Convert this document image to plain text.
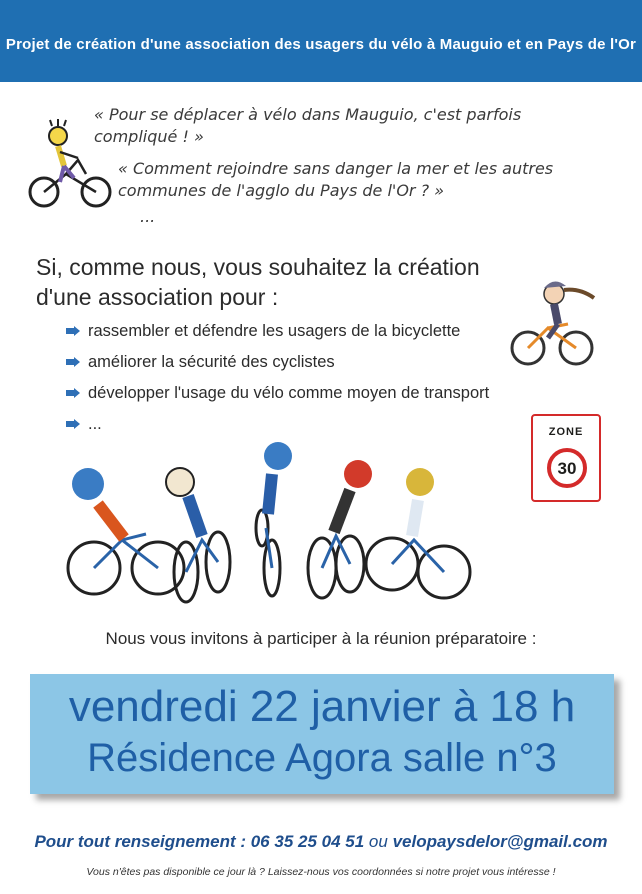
Projet de création d'une association des usagers du vélo à Mauguio et en Pays de l'Or
« Pour se déplacer à vélo dans Mauguio, c'est parfois compliqué ! »
« Comment rejoindre sans danger la mer et les autres communes de l'agglo du Pays de l'Or ? »
...
Si, comme nous, vous souhaitez la création d'une association pour :
rassembler et défendre les usagers de la bicyclette
améliorer la sécurité des cyclistes
développer l'usage du vélo comme moyen de transport
...	ZONE
30
Nous vous invitons à participer à la réunion préparatoire :
vendredi 22 janvier à 18 h
Résidence Agora salle n°3
Pour tout renseignement : 06 35 25 04 51 ou velopaysdelor@gmail.com
Vous n'êtes pas disponible ce jour là ? Laissez-nous vos coordonnées si notre projet vous intéresse !
